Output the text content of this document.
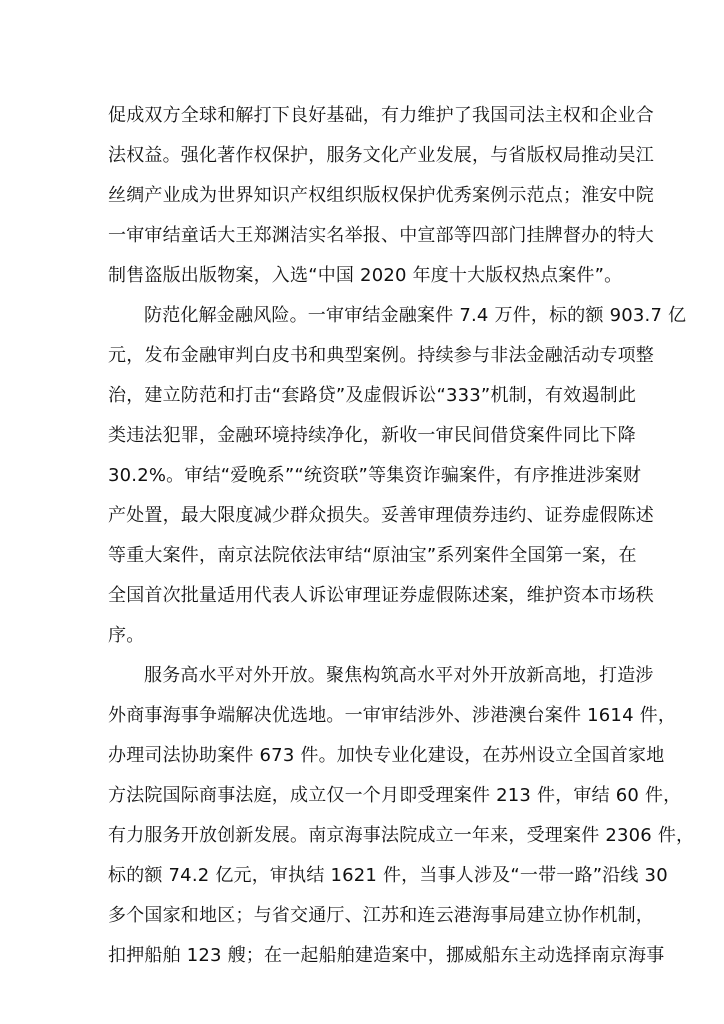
促成双方全球和解打下良好基础，有力维护了我国司法主权和企业合
法权益。强化著作权保护，服务文化产业发展，与省版权局推动吴江
丝绸产业成为世界知识产权组织版权保护优秀案例示范点；淮安中院
一审审结童话大王郑渊洁实名举报、中宣部等四部门挂牌督办的特大
制售盗版出版物案，入选“中国 2020 年度十大版权热点案件”。
防范化解金融风险。一审审结金融案件 7.4 万件，标的额 903.7 亿
元，发布金融审判白皮书和典型案例。持续参与非法金融活动专项整
治，建立防范和打击“套路贷”及虚假诉讼“333”机制，有效遏制此
类违法犯罪，金融环境持续净化，新收一审民间借贷案件同比下降
30.2%。审结“爱晚系”“统资联”等集资诈骗案件，有序推进涉案财
产处置，最大限度减少群众损失。妥善审理债券违约、证券虚假陈述
等重大案件，南京法院依法审结“原油宝”系列案件全国第一案，在
全国首次批量适用代表人诉讼审理证券虚假陈述案，维护资本市场秩
序。
服务高水平对外开放。聚焦构筑高水平对外开放新高地，打造涉
外商事海事争端解决优选地。一审审结涉外、涉港澳台案件 1614 件，
办理司法协助案件 673 件。加快专业化建设，在苏州设立全国首家地
方法院国际商事法庭，成立仅一个月即受理案件 213 件，审结 60 件，
有力服务开放创新发展。南京海事法院成立一年来，受理案件 2306 件，
标的额 74.2 亿元，审执结 1621 件，当事人涉及“一带一路”沿线 30
多个国家和地区；与省交通厅、江苏和连云港海事局建立协作机制，
扣押船舶 123 艘；在一起船舶建造案中，挪威船东主动选择南京海事
